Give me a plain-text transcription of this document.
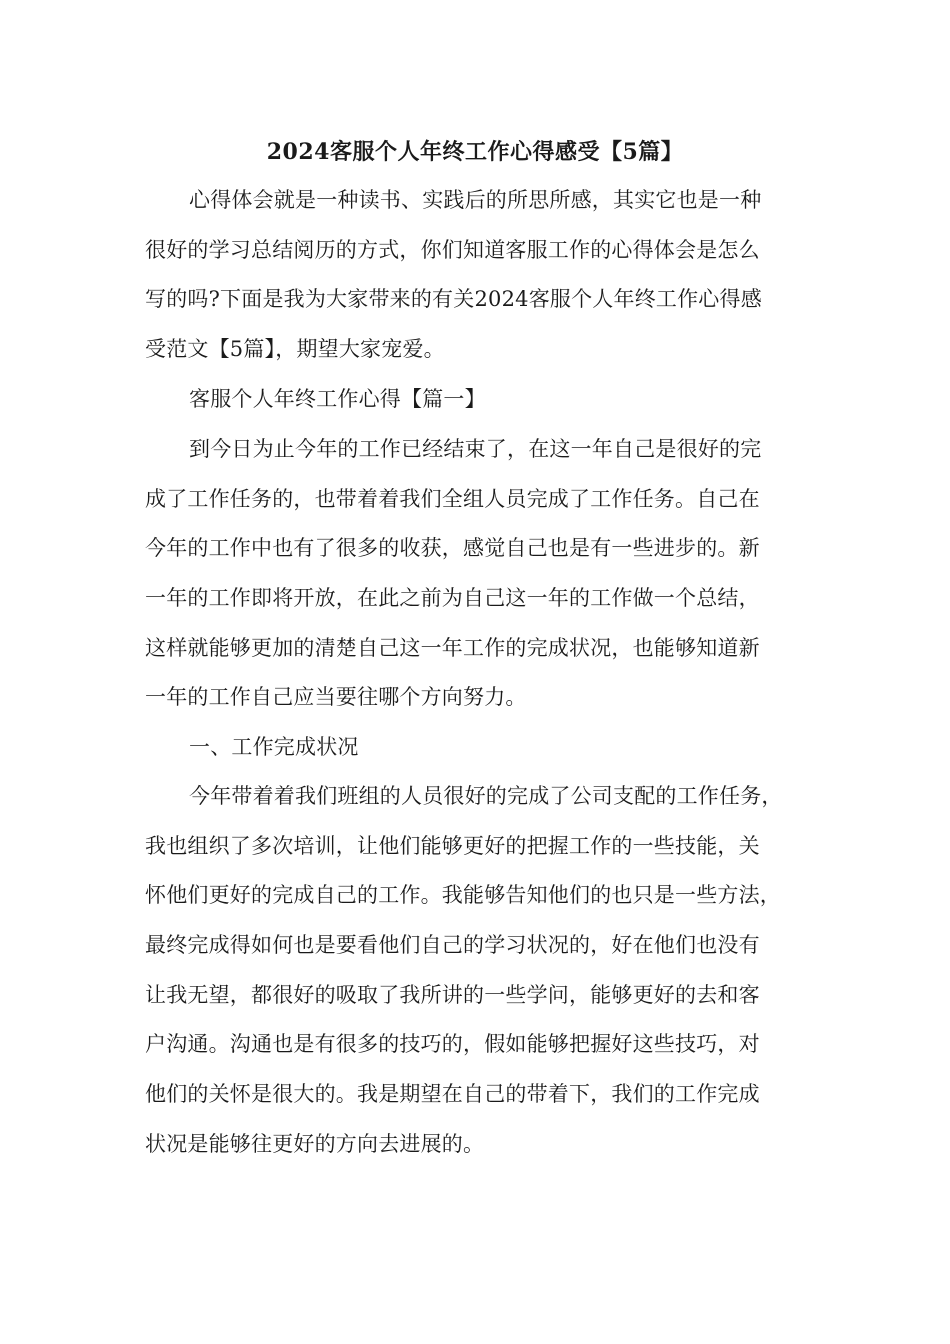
2024客服个人年终工作心得感受【5篇】
心得体会就是一种读书、实践后的所思所感，其实它也是一种
很好的学习总结阅历的方式，你们知道客服工作的心得体会是怎么
写的吗?下面是我为大家带来的有关2024客服个人年终工作心得感
受范文【5篇】，期望大家宠爱。
客服个人年终工作心得【篇一】
到今日为止今年的工作已经结束了，在这一年自己是很好的完
成了工作任务的，也带着着我们全组人员完成了工作任务。自己在
今年的工作中也有了很多的收获，感觉自己也是有一些进步的。新
一年的工作即将开放，在此之前为自己这一年的工作做一个总结，
这样就能够更加的清楚自己这一年工作的完成状况，也能够知道新
一年的工作自己应当要往哪个方向努力。
一、工作完成状况
今年带着着我们班组的人员很好的完成了公司支配的工作任务，
我也组织了多次培训，让他们能够更好的把握工作的一些技能，关
怀他们更好的完成自己的工作。我能够告知他们的也只是一些方法，
最终完成得如何也是要看他们自己的学习状况的，好在他们也没有
让我无望，都很好的吸取了我所讲的一些学问，能够更好的去和客
户沟通。沟通也是有很多的技巧的，假如能够把握好这些技巧，对
他们的关怀是很大的。我是期望在自己的带着下，我们的工作完成
状况是能够往更好的方向去进展的。
